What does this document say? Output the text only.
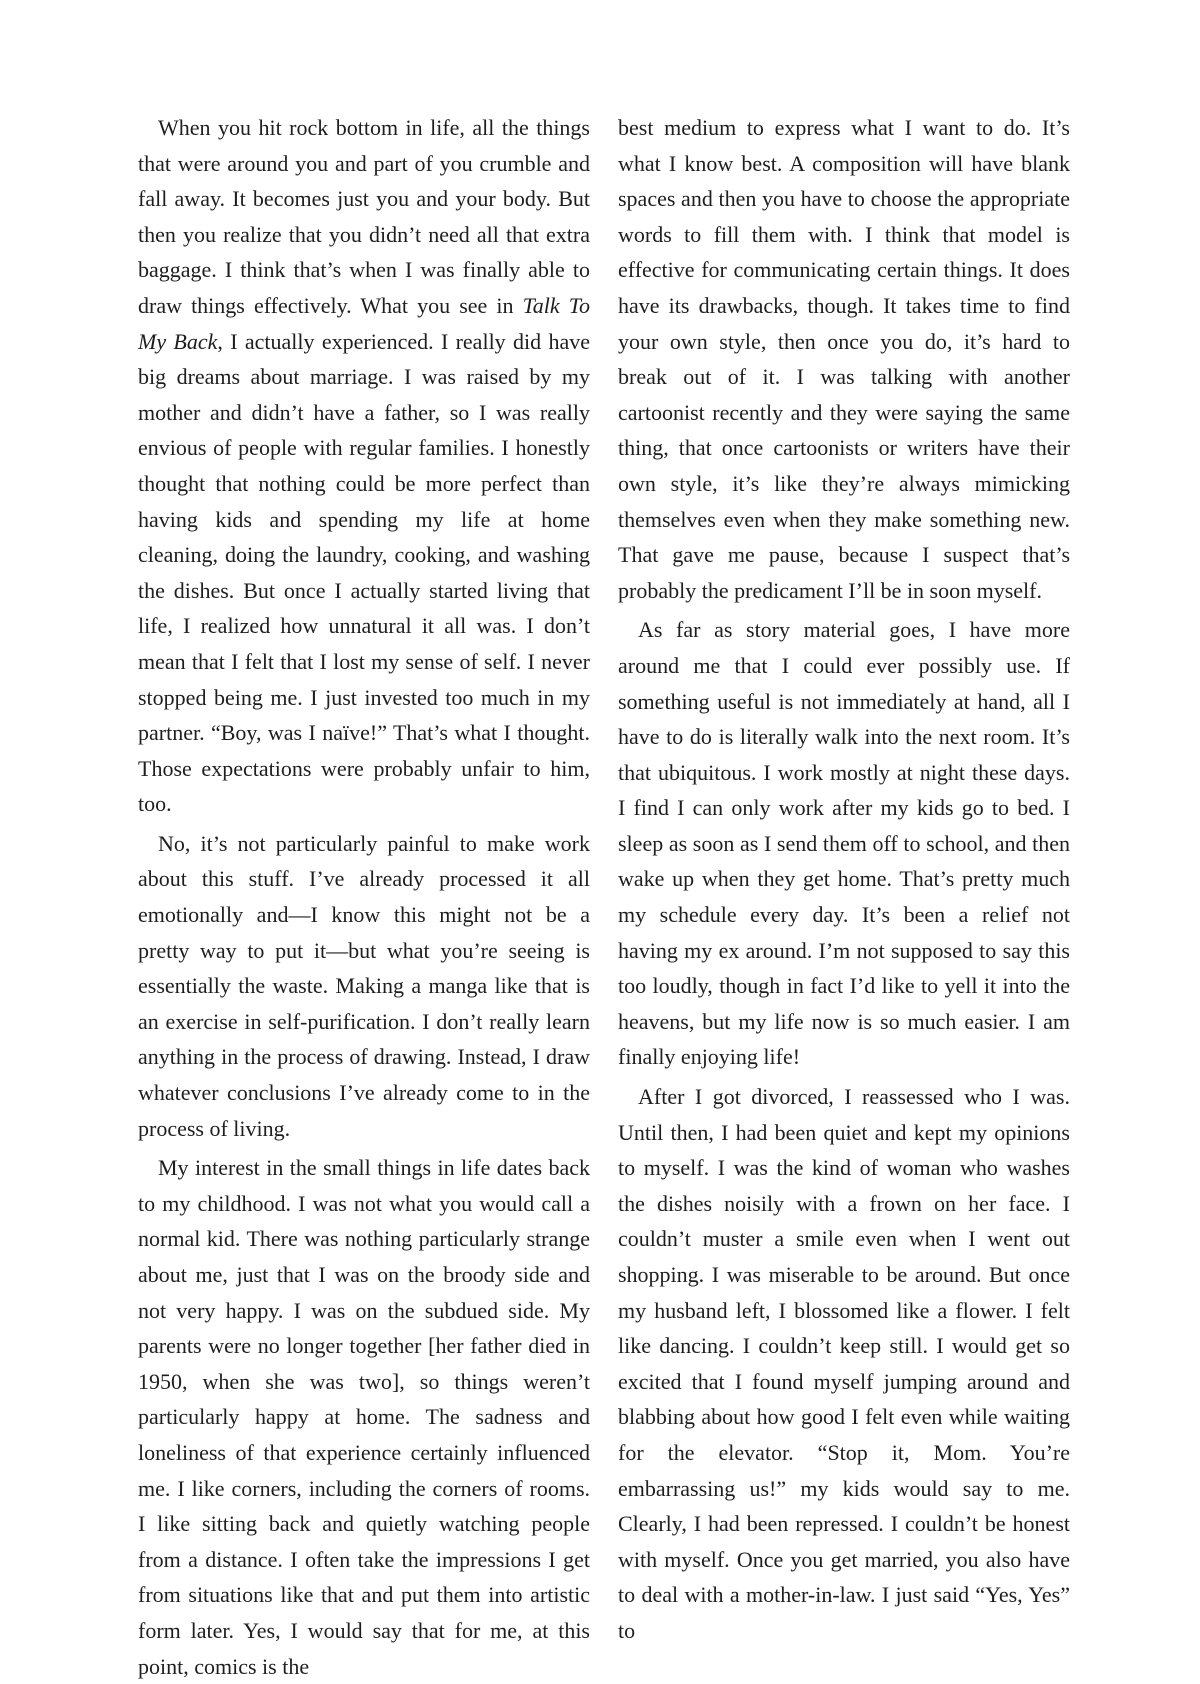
When you hit rock bottom in life, all the things that were around you and part of you crumble and fall away. It becomes just you and your body. But then you realize that you didn’t need all that extra baggage. I think that’s when I was finally able to draw things effectively. What you see in Talk To My Back, I actually experienced. I really did have big dreams about marriage. I was raised by my mother and didn’t have a father, so I was really envious of people with regular families. I honestly thought that nothing could be more perfect than having kids and spending my life at home cleaning, doing the laundry, cooking, and washing the dishes. But once I actually started living that life, I realized how unnatural it all was. I don’t mean that I felt that I lost my sense of self. I never stopped being me. I just invested too much in my partner. “Boy, was I naïve!” That’s what I thought. Those expectations were probably unfair to him, too.

No, it’s not particularly painful to make work about this stuff. I’ve already processed it all emotionally and—I know this might not be a pretty way to put it—but what you’re seeing is essentially the waste. Making a manga like that is an exercise in self-purification. I don’t really learn anything in the process of drawing. Instead, I draw whatever conclusions I’ve already come to in the process of living.

My interest in the small things in life dates back to my childhood. I was not what you would call a normal kid. There was nothing particularly strange about me, just that I was on the broody side and not very happy. I was on the subdued side. My parents were no longer together [her father died in 1950, when she was two], so things weren’t particularly happy at home. The sadness and loneliness of that experience certainly influenced me. I like corners, including the corners of rooms. I like sitting back and quietly watching people from a distance. I often take the impressions I get from situations like that and put them into artistic form later. Yes, I would say that for me, at this point, comics is the

best medium to express what I want to do. It’s what I know best. A composition will have blank spaces and then you have to choose the appropriate words to fill them with. I think that model is effective for communicating certain things. It does have its drawbacks, though. It takes time to find your own style, then once you do, it’s hard to break out of it. I was talking with another cartoonist recently and they were saying the same thing, that once cartoonists or writers have their own style, it’s like they’re always mimicking themselves even when they make something new. That gave me pause, because I suspect that’s probably the predicament I’ll be in soon myself.

As far as story material goes, I have more around me that I could ever possibly use. If something useful is not immediately at hand, all I have to do is literally walk into the next room. It’s that ubiquitous. I work mostly at night these days. I find I can only work after my kids go to bed. I sleep as soon as I send them off to school, and then wake up when they get home. That’s pretty much my schedule every day. It’s been a relief not having my ex around. I’m not supposed to say this too loudly, though in fact I’d like to yell it into the heavens, but my life now is so much easier. I am finally enjoying life!

After I got divorced, I reassessed who I was. Until then, I had been quiet and kept my opinions to myself. I was the kind of woman who washes the dishes noisily with a frown on her face. I couldn’t muster a smile even when I went out shopping. I was miserable to be around. But once my husband left, I blossomed like a flower. I felt like dancing. I couldn’t keep still. I would get so excited that I found myself jumping around and blabbing about how good I felt even while waiting for the elevator. “Stop it, Mom. You’re embarrassing us!” my kids would say to me. Clearly, I had been repressed. I couldn’t be honest with myself. Once you get married, you also have to deal with a mother-in-law. I just said “Yes, Yes” to
